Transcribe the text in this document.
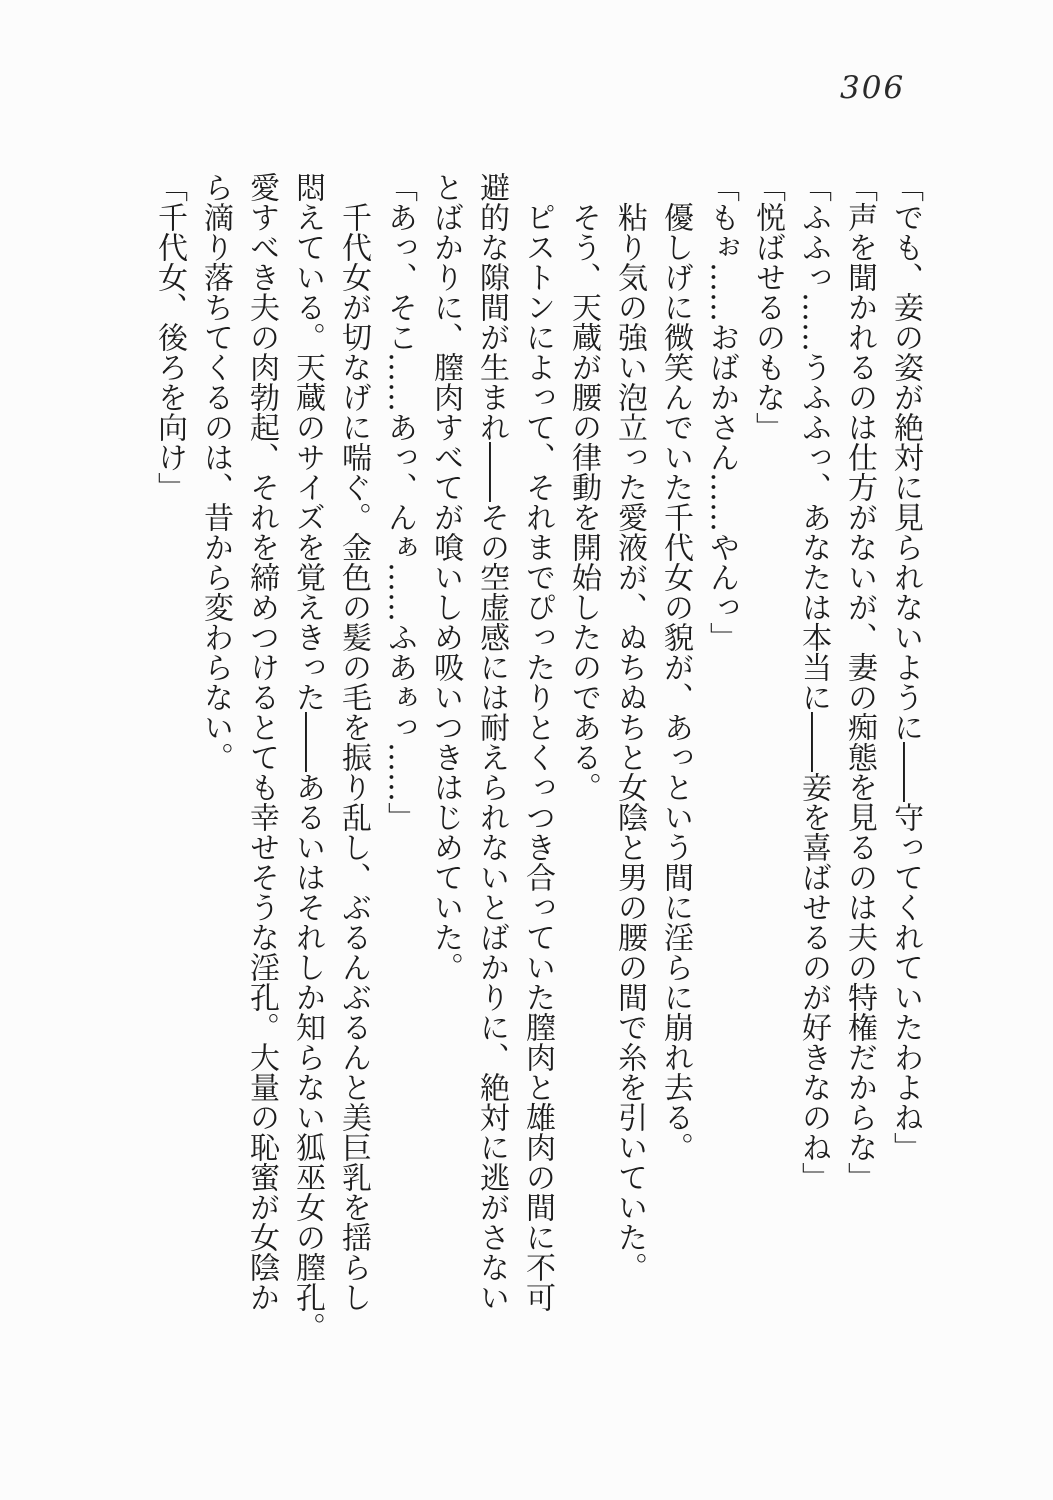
306
「でも、妾の姿が絶対に見られないように――守ってくれていたわよね」
「声を聞かれるのは仕方がないが、妻の痴態を見るのは夫の特権だからな」
「ふふっ……うふふっ、あなたは本当に――妾を喜ばせるのが好きなのね」
「悦ばせるのもな」
「もぉ……おばかさん……やんっ」
優しげに微笑んでいた千代女の貌が、あっという間に淫らに崩れ去る。
粘り気の強い泡立った愛液が、ぬちぬちと女陰と男の腰の間で糸を引いていた。
そう、天蔵が腰の律動を開始したのである。
ピストンによって、それまでぴったりとくっつき合っていた膣肉と雄肉の間に不可
避的な隙間が生まれ――その空虚感には耐えられないとばかりに、絶対に逃がさない
とばかりに、膣肉すべてが喰いしめ吸いつきはじめていた。
「あっ、そこ……あっ、んぁ……ふあぁっ……」
千代女が切なげに喘ぐ。金色の髪の毛を振り乱し、ぶるんぶるんと美巨乳を揺らし
悶えている。天蔵のサイズを覚えきった――あるいはそれしか知らない狐巫女の膣孔。
愛すべき夫の肉勃起、それを締めつけるとても幸せそうな淫孔。大量の恥蜜が女陰か
ら滴り落ちてくるのは、昔から変わらない。
「千代女、後ろを向け」
